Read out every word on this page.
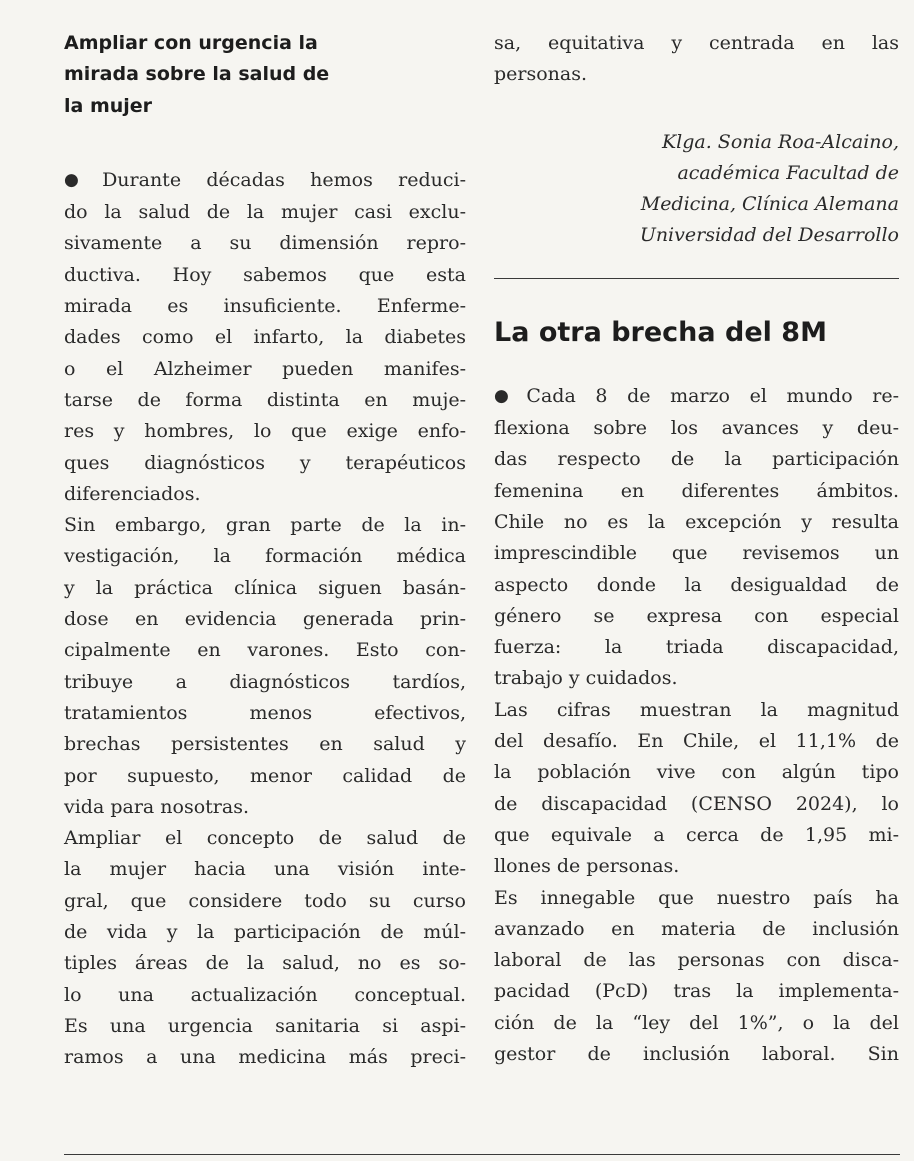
Ampliar con urgencia la
mirada sobre la salud de
la mujer
● Durante décadas hemos reduci-
do la salud de la mujer casi exclu-
sivamente a su dimensión repro-
ductiva. Hoy sabemos que esta
mirada es insuficiente. Enferme-
dades como el infarto, la diabetes
o el Alzheimer pueden manifes-
tarse de forma distinta en muje-
res y hombres, lo que exige enfo-
ques diagnósticos y terapéuticos
diferenciados.
Sin embargo, gran parte de la in-
vestigación, la formación médica
y la práctica clínica siguen basán-
dose en evidencia generada prin-
cipalmente en varones. Esto con-
tribuye a diagnósticos tardíos,
tratamientos menos efectivos,
brechas persistentes en salud y
por supuesto, menor calidad de
vida para nosotras.
Ampliar el concepto de salud de
la mujer hacia una visión inte-
gral, que considere todo su curso
de vida y la participación de múl-
tiples áreas de la salud, no es so-
lo una actualización conceptual.
Es una urgencia sanitaria si aspi-
ramos a una medicina más preci-
sa, equitativa y centrada en las
personas.
Klga. Sonia Roa-Alcaino,
académica Facultad de
Medicina, Clínica Alemana
Universidad del Desarrollo
La otra brecha del 8M
● Cada 8 de marzo el mundo re-
flexiona sobre los avances y deu-
das respecto de la participación
femenina en diferentes ámbitos.
Chile no es la excepción y resulta
imprescindible que revisemos un
aspecto donde la desigualdad de
género se expresa con especial
fuerza: la triada discapacidad,
trabajo y cuidados.
Las cifras muestran la magnitud
del desafío. En Chile, el 11,1% de
la población vive con algún tipo
de discapacidad (CENSO 2024), lo
que equivale a cerca de 1,95 mi-
llones de personas.
Es innegable que nuestro país ha
avanzado en materia de inclusión
laboral de las personas con disca-
pacidad (PcD) tras la implementa-
ción de la “ley del 1%”, o la del
gestor de inclusión laboral. Sin
